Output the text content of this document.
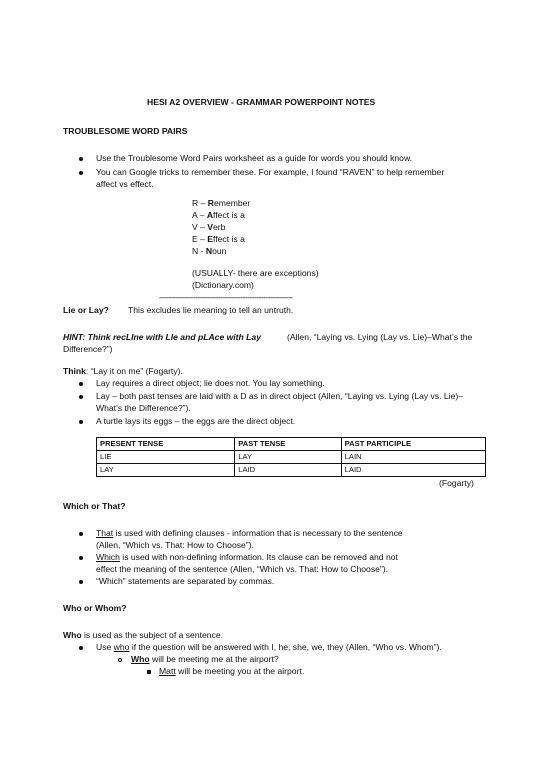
HESI A2 OVERVIEW - GRAMMAR POWERPOINT NOTES
TROUBLESOME WORD PAIRS
Use the Troublesome Word Pairs worksheet as a guide for words you should know.
You can Google tricks to remember these. For example, I found “RAVEN” to help remember
affect vs effect.
R – Remember
A – Affect is a
V – Verb
E – Effect is a
N - Noun
(USUALLY- there are exceptions)
(Dictionary.com)
-----------------------------------------------------------
Lie or Lay? This excludes lie meaning to tell an untruth.
HINT: Think recLIne with LIe and pLAce with Lay	(Allen, “Laying vs. Lying (Lay vs. Lie)–What’s the
Difference?”)
Think: “Lay it on me” (Fogarty).
Lay requires a direct object; lie does not. You lay something.
Lay – both past tenses are laid with a D as in direct object (Allen, “Laying vs. Lying (Lay vs. Lie)–
What’s the Difference?”).
A turtle lays its eggs – the eggs are the direct object.
PRESENT TENSE	PAST TENSE	PAST PARTICIPLE
LIE	LAY	LAIN
LAY	LAID	LAID
(Fogarty)
Which or That?
That is used with defining clauses - information that is necessary to the sentence
(Allen, “Which vs. That: How to Choose”).
Which is used with non-defining information. Its clause can be removed and not
effect the meaning of the sentence (Allen, “Which vs. That: How to Choose”).
“Which” statements are separated by commas.
Who or Whom?
Who is used as the subject of a sentence.
Use who if the question will be answered with I, he, she, we, they (Allen, “Who vs. Whom”).
Who will be meeting me at the airport?
Matt will be meeting you at the airport.
